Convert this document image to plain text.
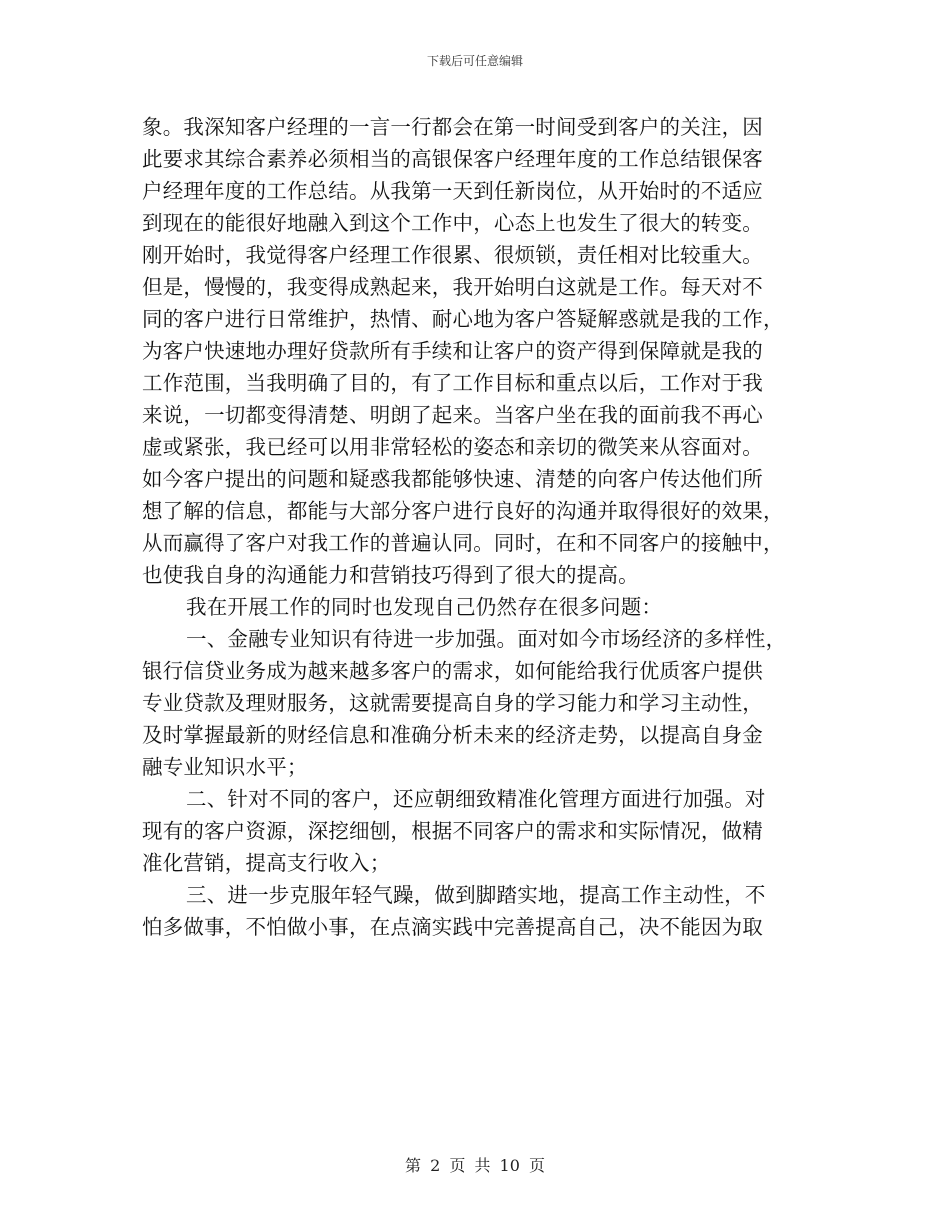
下载后可任意编辑
象。我深知客户经理的一言一行都会在第一时间受到客户的关注，因
此要求其综合素养必须相当的高银保客户经理年度的工作总结银保客
户经理年度的工作总结。从我第一天到任新岗位，从开始时的不适应
到现在的能很好地融入到这个工作中，心态上也发生了很大的转变。
刚开始时，我觉得客户经理工作很累、很烦锁，责任相对比较重大。
但是，慢慢的，我变得成熟起来，我开始明白这就是工作。每天对不
同的客户进行日常维护，热情、耐心地为客户答疑解惑就是我的工作，
为客户快速地办理好贷款所有手续和让客户的资产得到保障就是我的
工作范围，当我明确了目的，有了工作目标和重点以后，工作对于我
来说，一切都变得清楚、明朗了起来。当客户坐在我的面前我不再心
虚或紧张，我已经可以用非常轻松的姿态和亲切的微笑来从容面对。
如今客户提出的问题和疑惑我都能够快速、清楚的向客户传达他们所
想了解的信息，都能与大部分客户进行良好的沟通并取得很好的效果，
从而赢得了客户对我工作的普遍认同。同时，在和不同客户的接触中，
也使我自身的沟通能力和营销技巧得到了很大的提高。
我在开展工作的同时也发现自己仍然存在很多问题：
一、金融专业知识有待进一步加强。面对如今市场经济的多样性，
银行信贷业务成为越来越多客户的需求，如何能给我行优质客户提供
专业贷款及理财服务，这就需要提高自身的学习能力和学习主动性，
及时掌握最新的财经信息和准确分析未来的经济走势，以提高自身金
融专业知识水平；
二、针对不同的客户，还应朝细致精准化管理方面进行加强。对
现有的客户资源，深挖细刨，根据不同客户的需求和实际情况，做精
准化营销，提高支行收入；
三、进一步克服年轻气躁，做到脚踏实地，提高工作主动性，不
怕多做事，不怕做小事，在点滴实践中完善提高自己，决不能因为取
第 2 页 共 10 页
